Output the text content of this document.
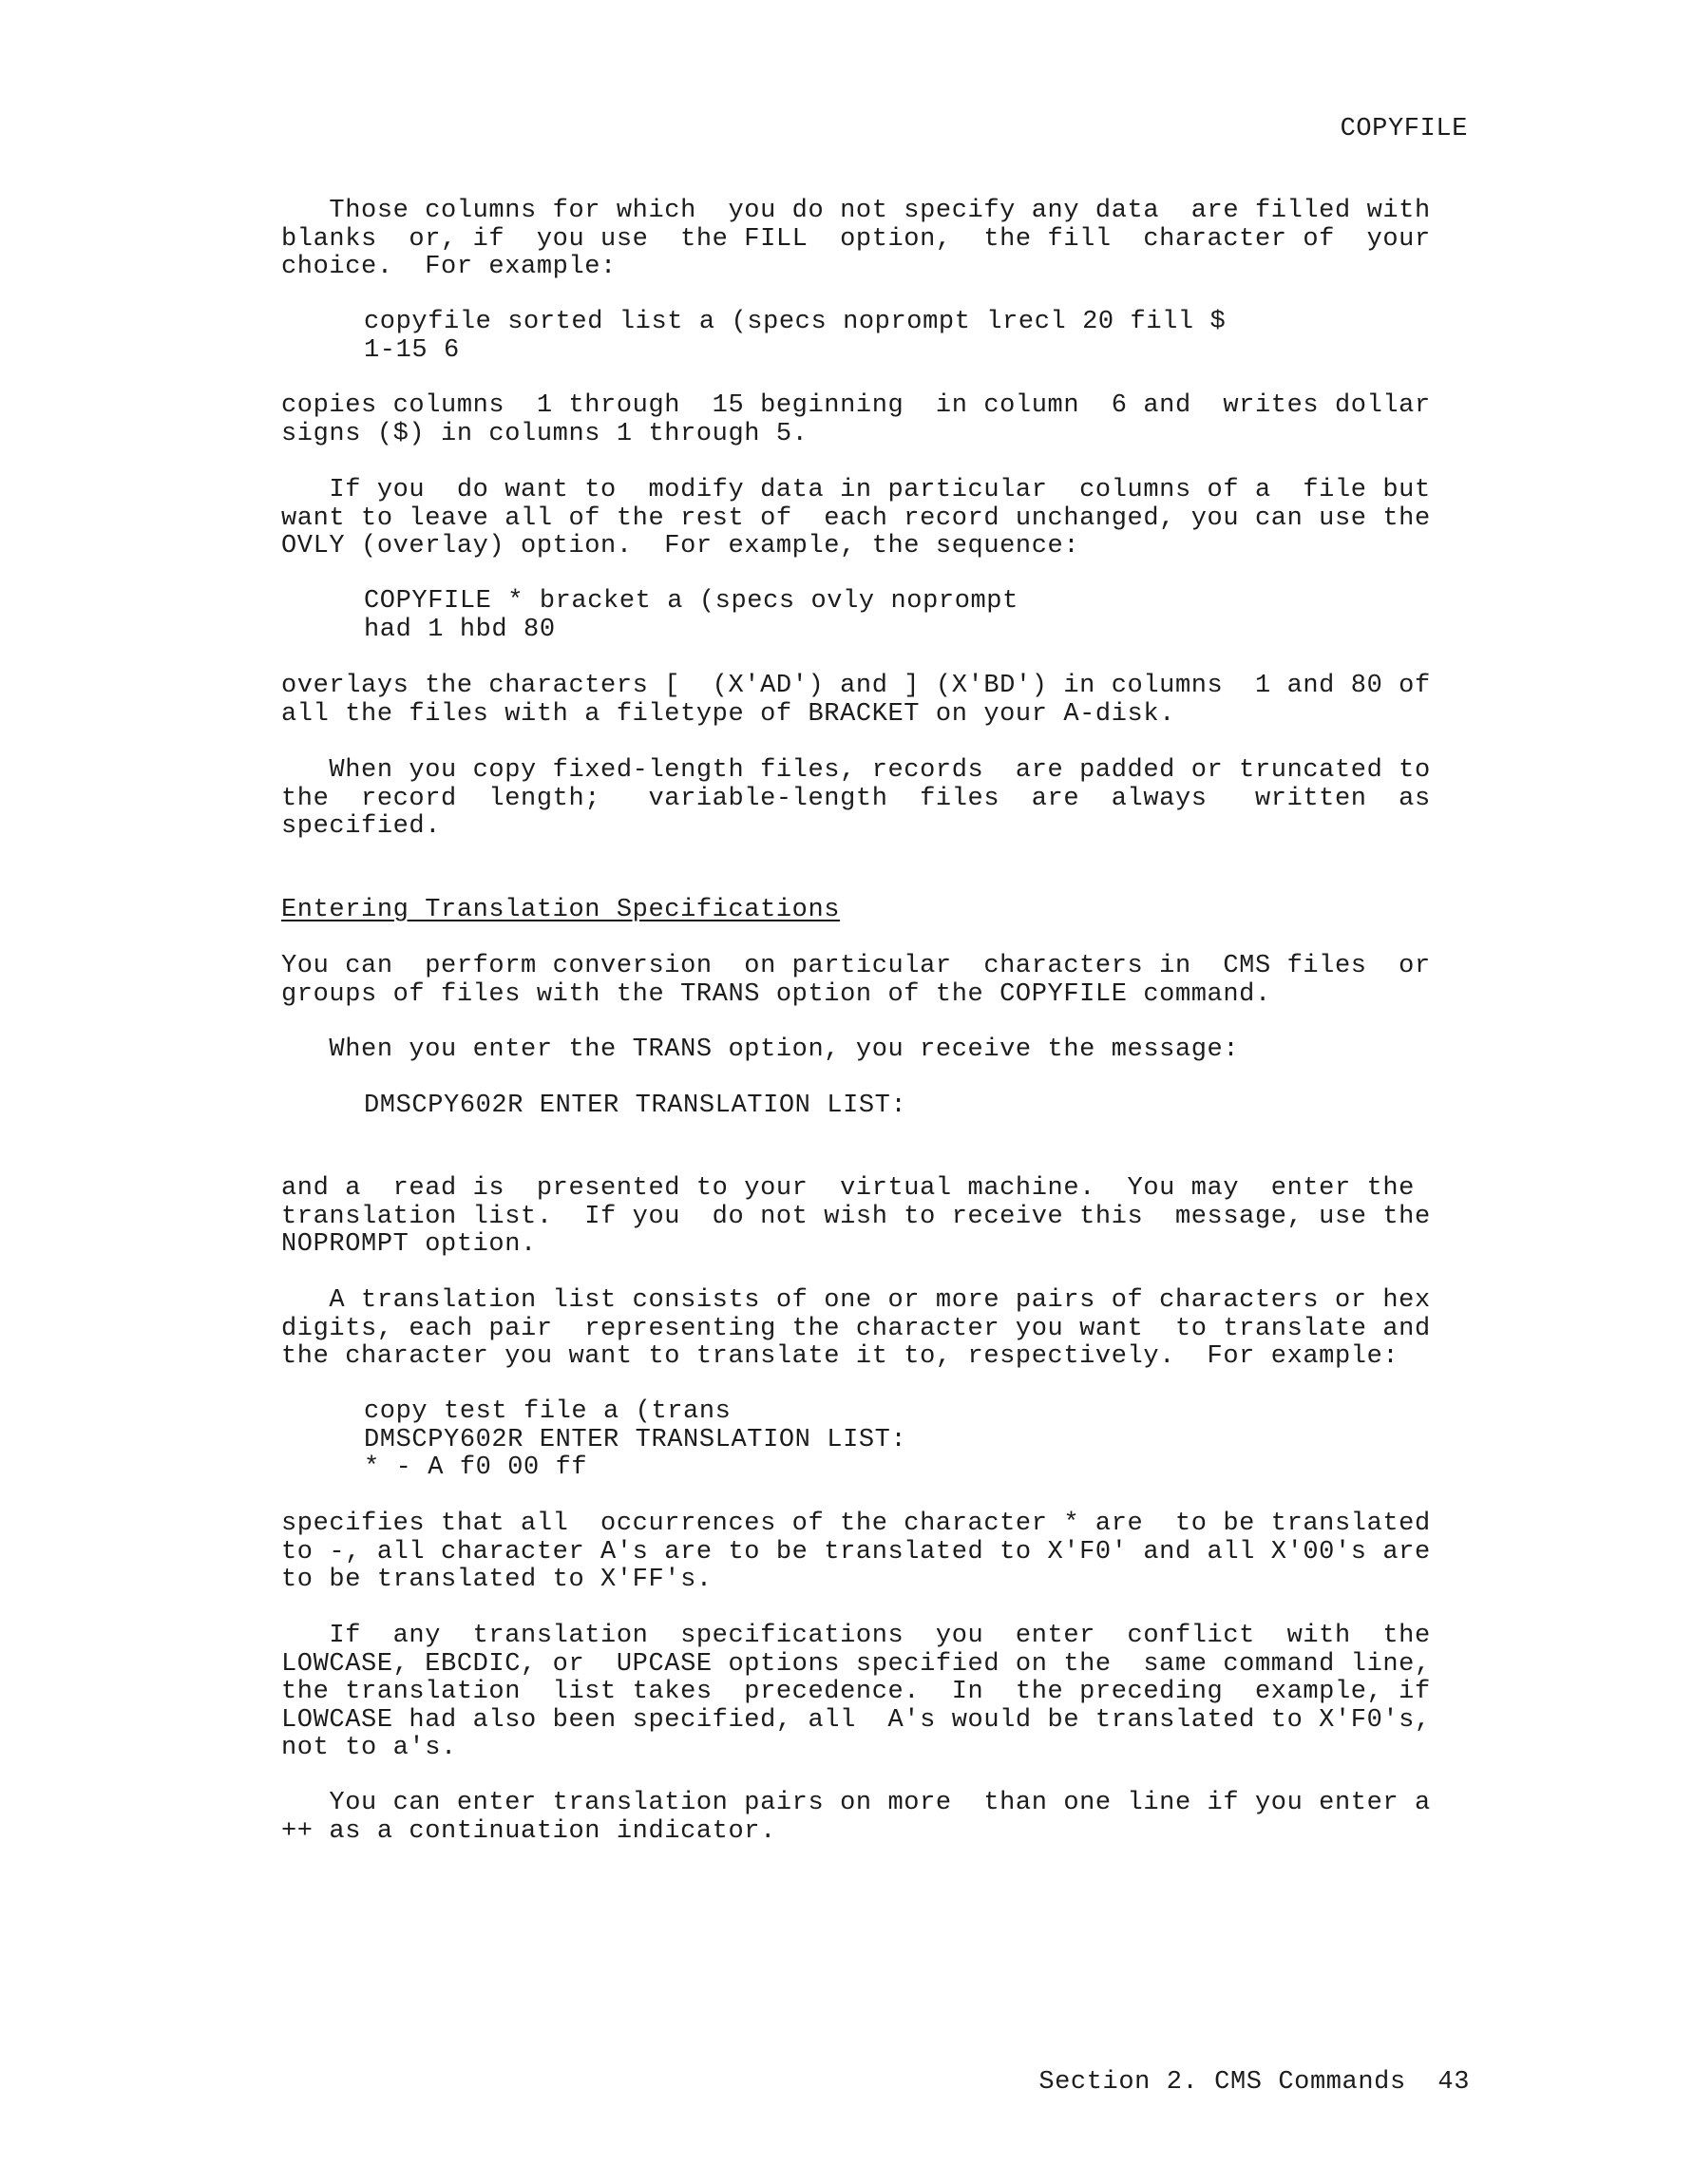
COPYFILE
Those columns for which  you do not specify any data  are filled with
blanks  or, if  you use  the FILL  option,  the fill  character of  your
choice.  For example:
copyfile sorted list a (specs noprompt lrecl 20 fill $
1-15 6
copies columns  1 through  15 beginning  in column  6 and  writes dollar
signs ($) in columns 1 through 5.
If you  do want to  modify data in particular  columns of a  file but
want to leave all of the rest of  each record unchanged, you can use the
OVLY (overlay) option.  For example, the sequence:
COPYFILE * bracket a (specs ovly noprompt
had 1 hbd 80
overlays the characters [  (X'AD') and ] (X'BD') in columns  1 and 80 of
all the files with a filetype of BRACKET on your A-disk.
When you copy fixed-length files, records  are padded or truncated to
the  record  length;   variable-length  files  are  always   written  as
specified.
Entering Translation Specifications
You can  perform conversion  on particular  characters in  CMS files  or
groups of files with the TRANS option of the COPYFILE command.
When you enter the TRANS option, you receive the message:
DMSCPY602R ENTER TRANSLATION LIST:
and a  read is  presented to your  virtual machine.  You may  enter the
translation list.  If you  do not wish to receive this  message, use the
NOPROMPT option.
A translation list consists of one or more pairs of characters or hex
digits, each pair  representing the character you want  to translate and
the character you want to translate it to, respectively.  For example:
copy test file a (trans
DMSCPY602R ENTER TRANSLATION LIST:
* - A f0 00 ff
specifies that all  occurrences of the character * are  to be translated
to -, all character A's are to be translated to X'F0' and all X'00's are
to be translated to X'FF's.
If  any  translation  specifications  you  enter  conflict  with  the
LOWCASE, EBCDIC, or  UPCASE options specified on the  same command line,
the translation  list takes  precedence.  In  the preceding  example, if
LOWCASE had also been specified, all  A's would be translated to X'F0's,
not to a's.
You can enter translation pairs on more  than one line if you enter a
++ as a continuation indicator.
Section 2. CMS Commands 43
